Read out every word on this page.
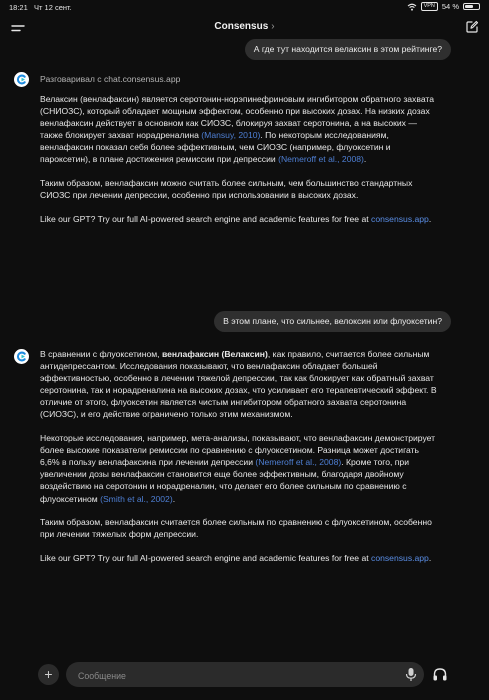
18:21 Чт 12 сент.	VPN 54 %
Consensus ›
А где тут находится велаксин в этом рейтинге?
Разговаривал с chat.consensus.app

Велаксин (венлафаксин) является серотонин-норэпинефриновым ингибитором обратного захвата (СНИОЗС), который обладает мощным эффектом, особенно при высоких дозах. На низких дозах венлафаксин действует в основном как СИОЗС, блокируя захват серотонина, а на высоких — также блокирует захват норадреналина (Mansuy, 2010). По некоторым исследованиям, венлафаксин показал себя более эффективным, чем СИОЗС (например, флуоксетин и пароксетин), в плане достижения ремиссии при депрессии (Nemeroff et al., 2008).

Таким образом, венлафаксин можно считать более сильным, чем большинство стандартных СИОЗС при лечении депрессии, особенно при использовании в высоких дозах.

Like our GPT? Try our full AI-powered search engine and academic features for free at consensus.app.

В этом плане, что сильнее, велоксин или флуоксетин?

В сравнении с флуоксетином, венлафаксин (Велаксин), как правило, считается более сильным антидепрессантом. Исследования показывают, что венлафаксин обладает большей эффективностью, особенно в лечении тяжелой депрессии, так как блокирует как обратный захват серотонина, так и норадреналина на высоких дозах, что усиливает его терапевтический эффект. В отличие от этого, флуоксетин является чистым ингибитором обратного захвата серотонина (СИОЗС), и его действие ограничено только этим механизмом.

Некоторые исследования, например, мета-анализы, показывают, что венлафаксин демонстрирует более высокие показатели ремиссии по сравнению с флуоксетином. Разница может достигать 6,6% в пользу венлафаксина при лечении депрессии (Nemeroff et al., 2008). Кроме того, при увеличении дозы венлафаксин становится еще более эффективным, благодаря двойному воздействию на серотонин и норадреналин, что делает его более сильным по сравнению с флуоксетином (Smith et al., 2002).

Таким образом, венлафаксин считается более сильным по сравнению с флуоксетином, особенно при лечении тяжелых форм депрессии.

Like our GPT? Try our full AI-powered search engine and academic features for free at consensus.app.

+
Сообщение
